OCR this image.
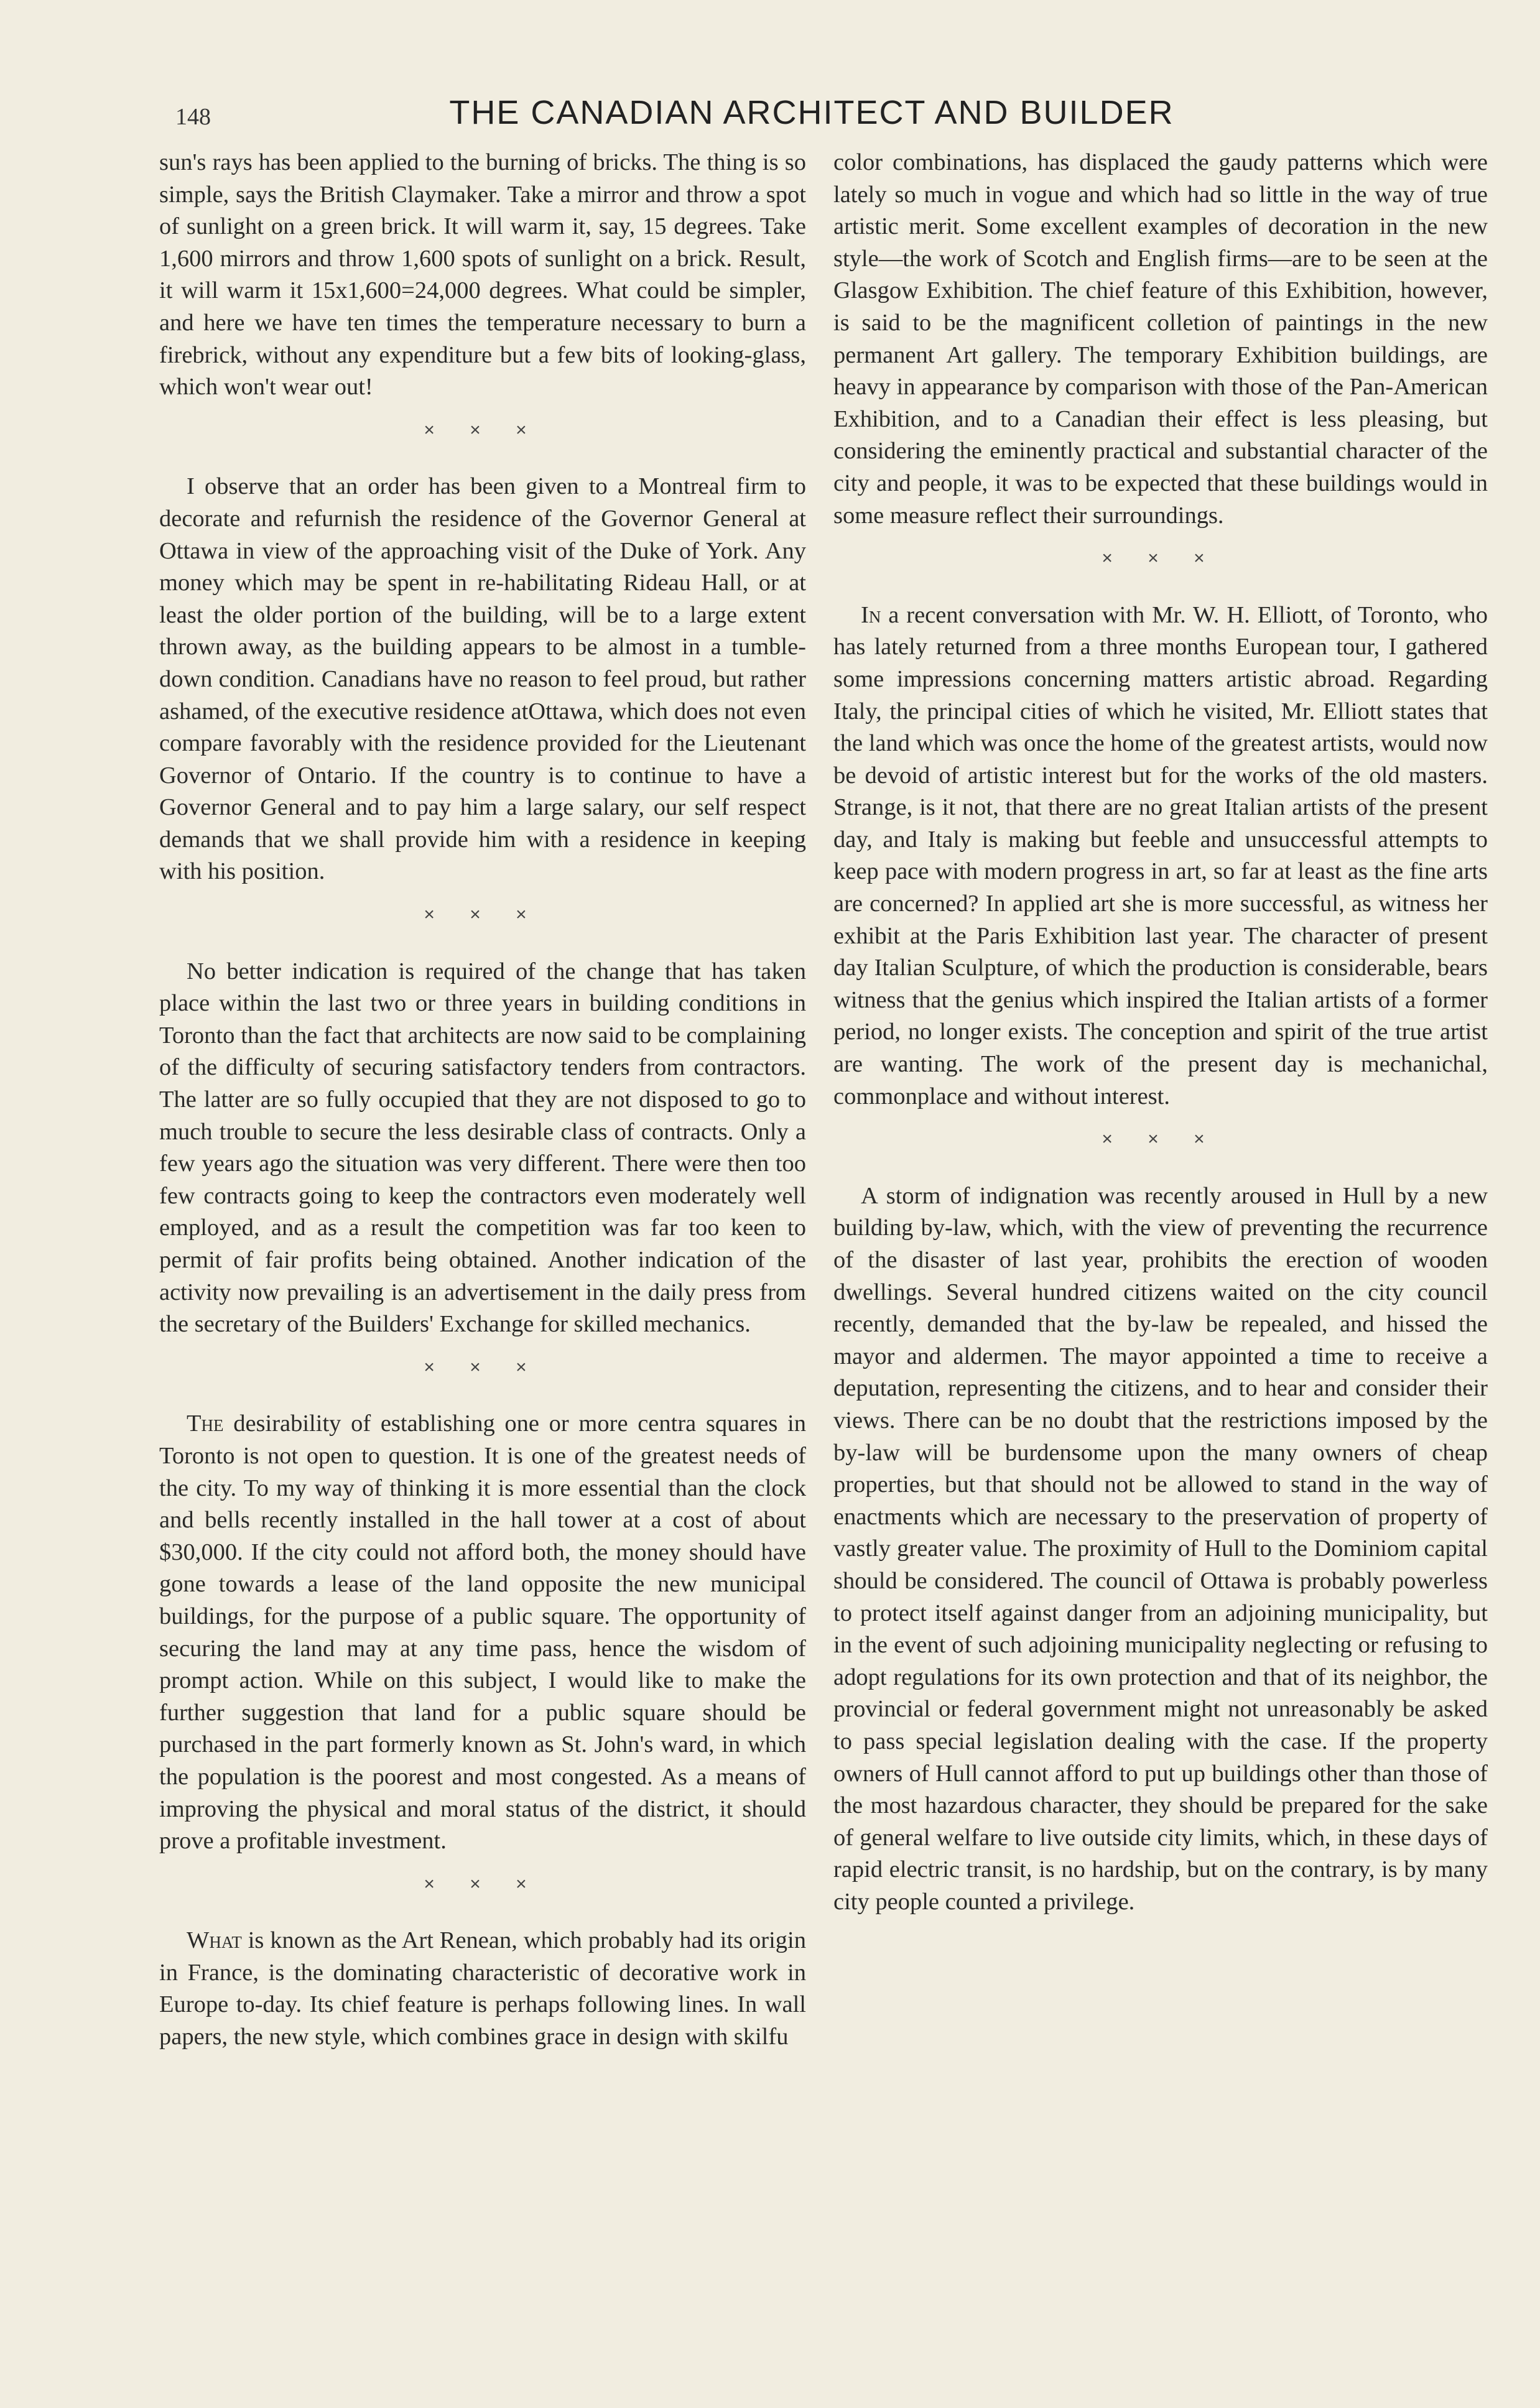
148	THE CANADIAN ARCHITECT AND BUILDER

sun's rays has been applied to the burning of bricks. The thing is so simple, says the British Claymaker. Take a mirror and throw a spot of sunlight on a green brick. It will warm it, say, 15 degrees. Take 1,600 mirrors and throw 1,600 spots of sunlight on a brick. Result, it will warm it 15x1,600=24,000 degrees. What could be simpler, and here we have ten times the temperature necessary to burn a firebrick, without any expenditure but a few bits of looking-glass, which won't wear out!

× × ×

I observe that an order has been given to a Montreal firm to decorate and refurnish the residence of the Governor General at Ottawa in view of the approaching visit of the Duke of York. Any money which may be spent in re-habilitating Rideau Hall, or at least the older portion of the building, will be to a large extent thrown away, as the building appears to be almost in a tumble-down condition. Canadians have no reason to feel proud, but rather ashamed, of the executive residence atOttawa, which does not even compare favorably with the residence provided for the Lieutenant Governor of Ontario. If the country is to continue to have a Governor General and to pay him a large salary, our self respect demands that we shall provide him with a residence in keeping with his position.

× × ×

No better indication is required of the change that has taken place within the last two or three years in building conditions in Toronto than the fact that architects are now said to be complaining of the difficulty of securing satisfactory tenders from contractors. The latter are so fully occupied that they are not disposed to go to much trouble to secure the less desirable class of contracts. Only a few years ago the situation was very different. There were then too few contracts going to keep the contractors even moderately well employed, and as a result the competition was far too keen to permit of fair profits being obtained. Another indication of the activity now prevailing is an advertisement in the daily press from the secretary of the Builders' Exchange for skilled mechanics.

× × ×

The desirability of establishing one or more centra squares in Toronto is not open to question. It is one of the greatest needs of the city. To my way of thinking it is more essential than the clock and bells recently installed in the hall tower at a cost of about $30,000. If the city could not afford both, the money should have gone towards a lease of the land opposite the new municipal buildings, for the purpose of a public square. The opportunity of securing the land may at any time pass, hence the wisdom of prompt action. While on this subject, I would like to make the further suggestion that land for a public square should be purchased in the part formerly known as St. John's ward, in which the population is the poorest and most congested. As a means of improving the physical and moral status of the district, it should prove a profitable investment.

× × ×

What is known as the Art Renean, which probably had its origin in France, is the dominating characteristic of decorative work in Europe to-day. Its chief feature is perhaps following lines. In wall papers, the new style, which combines grace in design with skilfu

color combinations, has displaced the gaudy patterns which were lately so much in vogue and which had so little in the way of true artistic merit. Some excellent examples of decoration in the new style—the work of Scotch and English firms—are to be seen at the Glasgow Exhibition. The chief feature of this Exhibition, however, is said to be the magnificent colletion of paintings in the new permanent Art gallery. The temporary Exhibition buildings, are heavy in appearance by comparison with those of the Pan-American Exhibition, and to a Canadian their effect is less pleasing, but considering the eminently practical and substantial character of the city and people, it was to be expected that these buildings would in some measure reflect their surroundings.

× × ×

In a recent conversation with Mr. W. H. Elliott, of Toronto, who has lately returned from a three months European tour, I gathered some impressions concerning matters artistic abroad. Regarding Italy, the principal cities of which he visited, Mr. Elliott states that the land which was once the home of the greatest artists, would now be devoid of artistic interest but for the works of the old masters. Strange, is it not, that there are no great Italian artists of the present day, and Italy is making but feeble and unsuccessful attempts to keep pace with modern progress in art, so far at least as the fine arts are concerned? In applied art she is more successful, as witness her exhibit at the Paris Exhibition last year. The character of present day Italian Sculpture, of which the production is considerable, bears witness that the genius which inspired the Italian artists of a former period, no longer exists. The conception and spirit of the true artist are wanting. The work of the present day is mechanichal, commonplace and without interest.

× × ×

A storm of indignation was recently aroused in Hull by a new building by-law, which, with the view of preventing the recurrence of the disaster of last year, prohibits the erection of wooden dwellings. Several hundred citizens waited on the city council recently, demanded that the by-law be repealed, and hissed the mayor and aldermen. The mayor appointed a time to receive a deputation, representing the citizens, and to hear and consider their views. There can be no doubt that the restrictions imposed by the by-law will be burdensome upon the many owners of cheap properties, but that should not be allowed to stand in the way of enactments which are necessary to the preservation of property of vastly greater value. The proximity of Hull to the Dominiom capital should be considered. The council of Ottawa is probably powerless to protect itself against danger from an adjoining municipality, but in the event of such adjoining municipality neglecting or refusing to adopt regulations for its own protection and that of its neighbor, the provincial or federal government might not unreasonably be asked to pass special legislation dealing with the case. If the property owners of Hull cannot afford to put up buildings other than those of the most hazardous character, they should be prepared for the sake of general welfare to live outside city limits, which, in these days of rapid electric transit, is no hardship, but on the contrary, is by many city people counted a privilege.
